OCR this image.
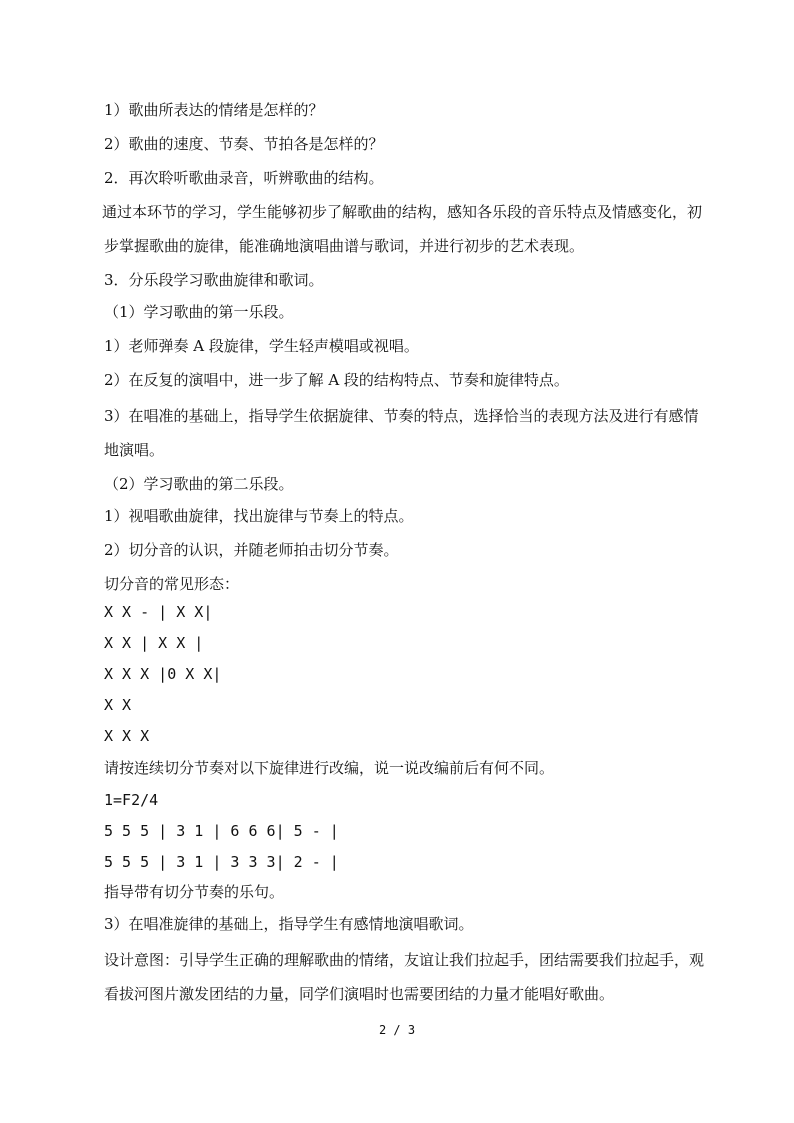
1）歌曲所表达的情绪是怎样的？
2）歌曲的速度、节奏、节拍各是怎样的？
2．再次聆听歌曲录音，听辨歌曲的结构。
通过本环节的学习，学生能够初步了解歌曲的结构，感知各乐段的音乐特点及情感变化，初步掌握歌曲的旋律，能准确地演唱曲谱与歌词，并进行初步的艺术表现。
3．分乐段学习歌曲旋律和歌词。
（1）学习歌曲的第一乐段。
1）老师弹奏 A 段旋律，学生轻声模唱或视唱。
2）在反复的演唱中，进一步了解 A 段的结构特点、节奏和旋律特点。
3）在唱准的基础上，指导学生依据旋律、节奏的特点，选择恰当的表现方法及进行有感情地演唱。
（2）学习歌曲的第二乐段。
1）视唱歌曲旋律，找出旋律与节奏上的特点。
2）切分音的认识，并随老师拍击切分节奏。
切分音的常见形态：
X X - | X X|
X X | X X |
X X X |0 X X|
X X
X X X
请按连续切分节奏对以下旋律进行改编，说一说改编前后有何不同。
1=F2/4
5 5 5 | 3 1 | 6 6 6| 5 - |
5 5 5 | 3 1 | 3 3 3| 2 - |
指导带有切分节奏的乐句。
3）在唱准旋律的基础上，指导学生有感情地演唱歌词。
设计意图：引导学生正确的理解歌曲的情绪，友谊让我们拉起手，团结需要我们拉起手，观看拔河图片激发团结的力量，同学们演唱时也需要团结的力量才能唱好歌曲。
2 / 3
